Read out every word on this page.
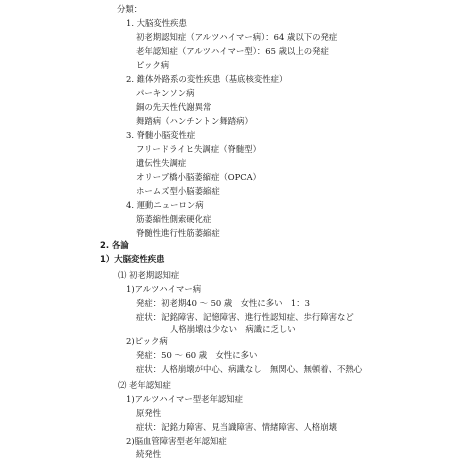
分類：
1. 大脳変性疾患
初老期認知症（アルツハイマー病）：64 歳以下の発症
老年認知症（アルツハイマー型）：65 歳以上の発症
ピック病
2. 錐体外路系の変性疾患（基底核変性症）
パーキンソン病
銅の先天性代謝異常
舞踏病（ハンチントン舞踏病）
3. 脊髄小脳変性症
フリードライヒ失調症（脊髄型）
遺伝性失調症
オリーブ橋小脳萎縮症（OPCA）
ホームズ型小脳萎縮症
4. 運動ニューロン病
筋萎縮性側索硬化症
脊髄性進行性筋萎縮症
2. 各論
1）大脳変性疾患
⑴ 初老期認知症
1)アルツハイマー病
発症：初老期40 ～ 50 歳　女性に多い　1：3
症状：記銘障害、記憶障害、進行性認知症、歩行障害など
人格崩壊は少ない　病識に乏しい
2)ピック病
発症：50 ～ 60 歳　女性に多い
症状：人格崩壊が中心、病識なし　無関心、無頓着、不熱心
⑵ 老年認知症
1)アルツハイマー型老年認知症
原発性
症状：記銘力障害、見当識障害、情緒障害、人格崩壊
2)脳血管障害型老年認知症
続発性
